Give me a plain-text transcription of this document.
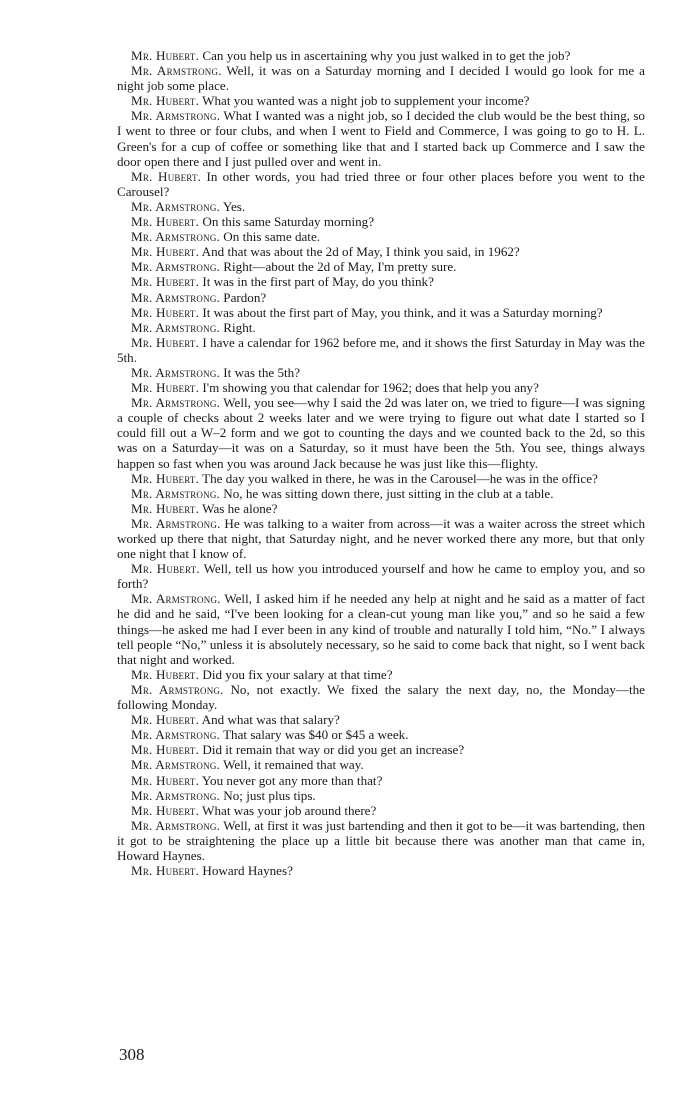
Mr. Hubert. Can you help us in ascertaining why you just walked in to get the job?

Mr. Armstrong. Well, it was on a Saturday morning and I decided I would go look for me a night job some place.

Mr. Hubert. What you wanted was a night job to supplement your income?

Mr. Armstrong. What I wanted was a night job, so I decided the club would be the best thing, so I went to three or four clubs, and when I went to Field and Commerce, I was going to go to H. L. Green's for a cup of coffee or something like that and I started back up Commerce and I saw the door open there and I just pulled over and went in.

Mr. Hubert. In other words, you had tried three or four other places before you went to the Carousel?

Mr. Armstrong. Yes.

Mr. Hubert. On this same Saturday morning?

Mr. Armstrong. On this same date.

Mr. Hubert. And that was about the 2d of May, I think you said, in 1962?

Mr. Armstrong. Right—about the 2d of May, I'm pretty sure.

Mr. Hubert. It was in the first part of May, do you think?

Mr. Armstrong. Pardon?

Mr. Hubert. It was about the first part of May, you think, and it was a Saturday morning?

Mr. Armstrong. Right.

Mr. Hubert. I have a calendar for 1962 before me, and it shows the first Saturday in May was the 5th.

Mr. Armstrong. It was the 5th?

Mr. Hubert. I'm showing you that calendar for 1962; does that help you any?

Mr. Armstrong. Well, you see—why I said the 2d was later on, we tried to figure—I was signing a couple of checks about 2 weeks later and we were trying to figure out what date I started so I could fill out a W–2 form and we got to counting the days and we counted back to the 2d, so this was on a Saturday—it was on a Saturday, so it must have been the 5th. You see, things always happen so fast when you was around Jack because he was just like this—flighty.

Mr. Hubert. The day you walked in there, he was in the Carousel—he was in the office?

Mr. Armstrong. No, he was sitting down there, just sitting in the club at a table.

Mr. Hubert. Was he alone?

Mr. Armstrong. He was talking to a waiter from across—it was a waiter across the street which worked up there that night, that Saturday night, and he never worked there any more, but that only one night that I know of.

Mr. Hubert. Well, tell us how you introduced yourself and how he came to employ you, and so forth?

Mr. Armstrong. Well, I asked him if he needed any help at night and he said as a matter of fact he did and he said, “I've been looking for a clean-cut young man like you,” and so he said a few things—he asked me had I ever been in any kind of trouble and naturally I told him, “No.” I always tell people “No,” unless it is absolutely necessary, so he said to come back that night, so I went back that night and worked.

Mr. Hubert. Did you fix your salary at that time?

Mr. Armstrong. No, not exactly. We fixed the salary the next day, no, the Monday—the following Monday.

Mr. Hubert. And what was that salary?

Mr. Armstrong. That salary was $40 or $45 a week.

Mr. Hubert. Did it remain that way or did you get an increase?

Mr. Armstrong. Well, it remained that way.

Mr. Hubert. You never got any more than that?

Mr. Armstrong. No; just plus tips.

Mr. Hubert. What was your job around there?

Mr. Armstrong. Well, at first it was just bartending and then it got to be—it was bartending, then it got to be straightening the place up a little bit because there was another man that came in, Howard Haynes.

Mr. Hubert. Howard Haynes?

308
